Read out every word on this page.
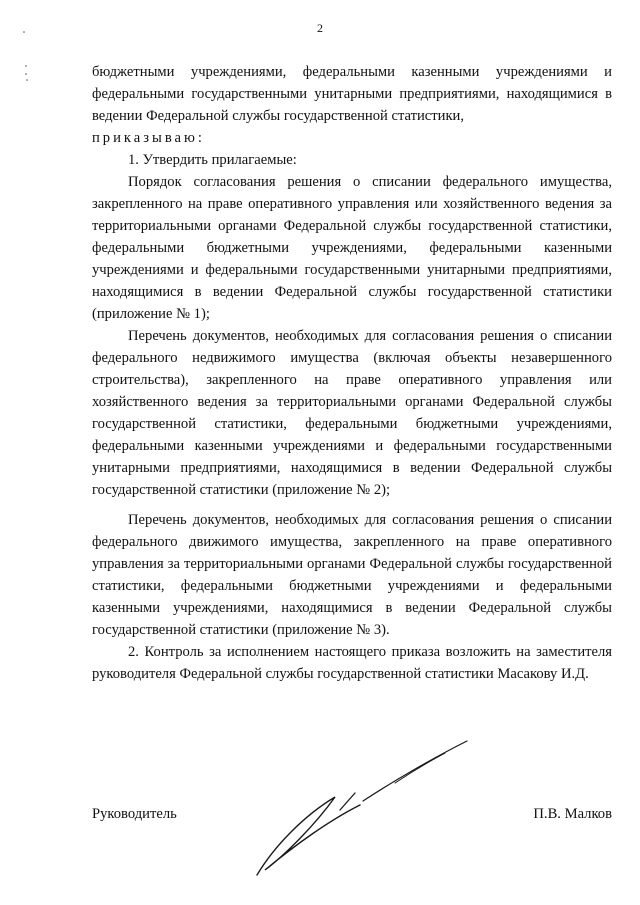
2

бюджетными учреждениями, федеральными казенными учреждениями и федеральными государственными унитарными предприятиями, находящимися в ведении Федеральной службы государственной статистики,

приказываю:

1. Утвердить прилагаемые:

Порядок согласования решения о списании федерального имущества, закрепленного на праве оперативного управления или хозяйственного ведения за территориальными органами Федеральной службы государственной статистики, федеральными бюджетными учреждениями, федеральными казенными учреждениями и федеральными государственными унитарными предприятиями, находящимися в ведении Федеральной службы государственной статистики (приложение № 1);

Перечень документов, необходимых для согласования решения о списании федерального недвижимого имущества (включая объекты незавершенного строительства), закрепленного на праве оперативного управления или хозяйственного ведения за территориальными органами Федеральной службы государственной статистики, федеральными бюджетными учреждениями, федеральными казенными учреждениями и федеральными государственными унитарными предприятиями, находящимися в ведении Федеральной службы государственной статистики (приложение № 2);

Перечень документов, необходимых для согласования решения о списании федерального движимого имущества, закрепленного на праве оперативного управления за территориальными органами Федеральной службы государственной статистики, федеральными бюджетными учреждениями и федеральными казенными учреждениями, находящимися в ведении Федеральной службы государственной статистики (приложение № 3).

2. Контроль за исполнением настоящего приказа возложить на заместителя руководителя Федеральной службы государственной статистики Масакову И.Д.

Руководитель	П.В. Малков
